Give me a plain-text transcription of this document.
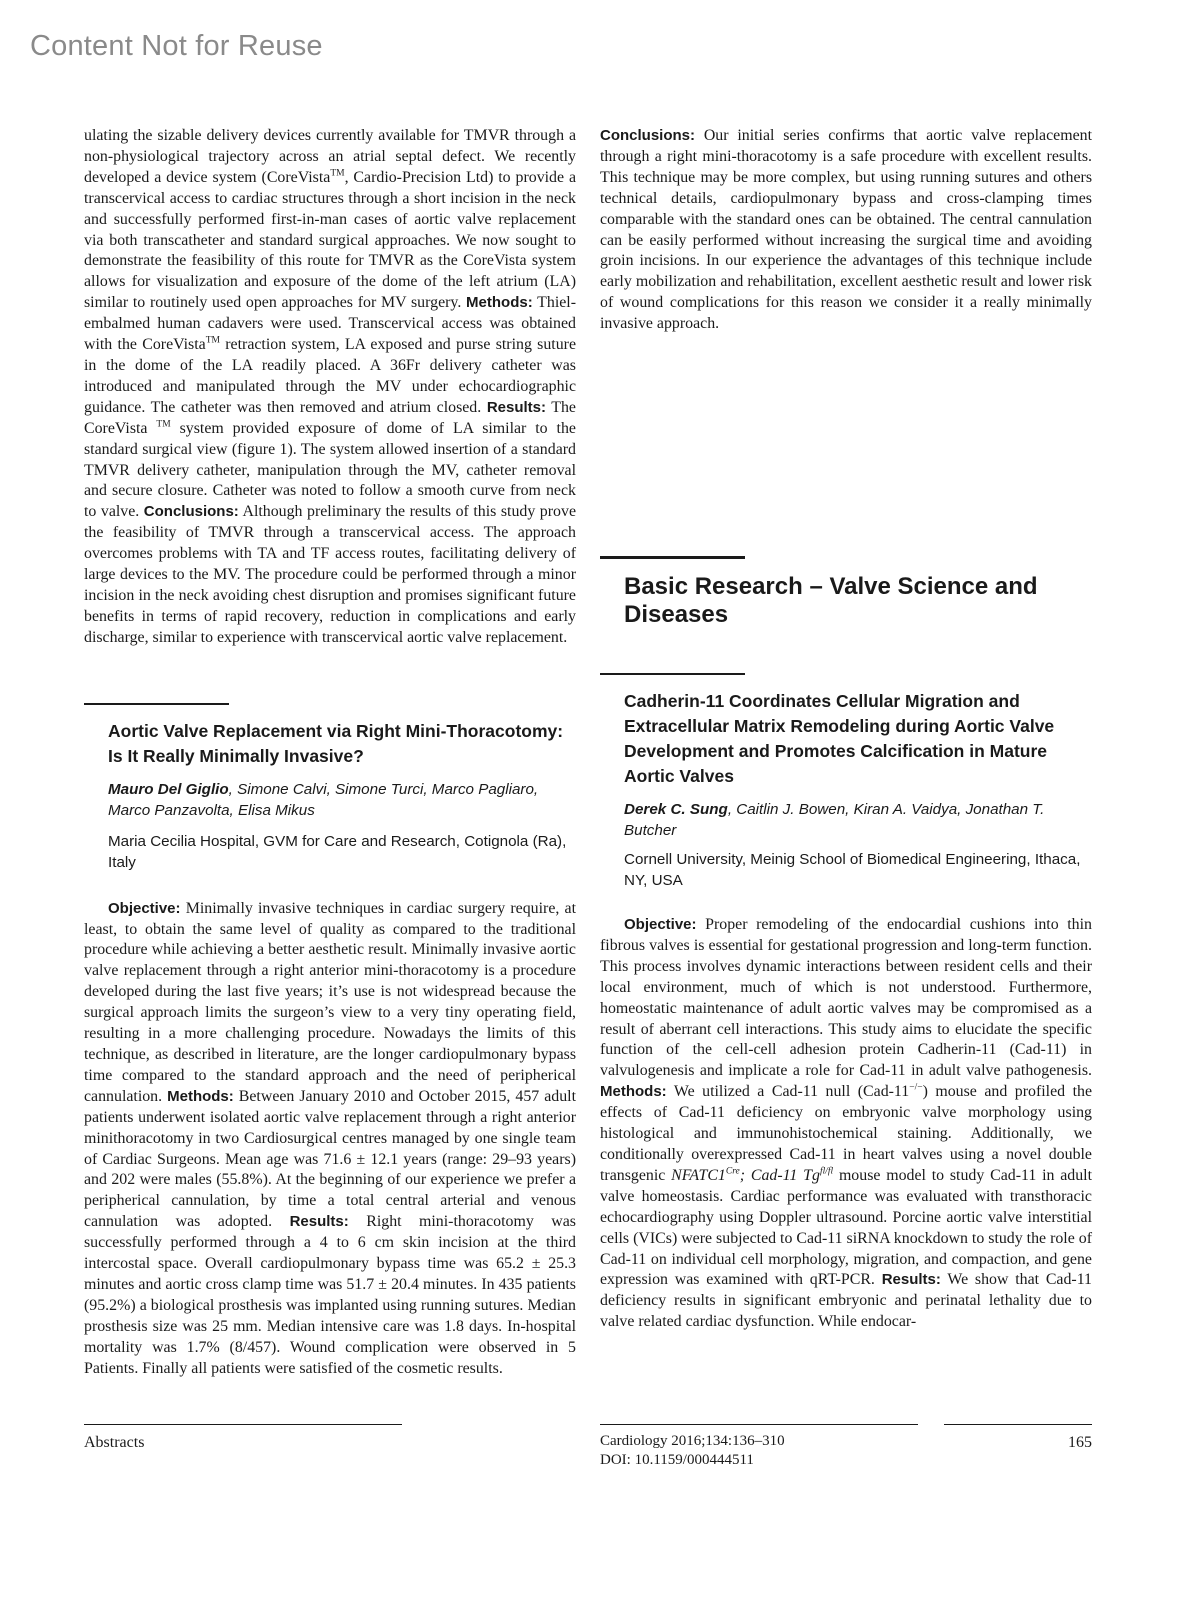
Content Not for Reuse

ulating the sizable delivery devices currently available for TMVR through a non-physiological trajectory across an atrial septal defect. We recently developed a device system (CoreVista™, Cardio-Precision Ltd) to provide a transcervical access to cardiac structures through a short incision in the neck and successfully performed first-in-man cases of aortic valve replacement via both transcatheter and standard surgical approaches. We now sought to demonstrate the feasibility of this route for TMVR as the CoreVista system allows for visualization and exposure of the dome of the left atrium (LA) similar to routinely used open approaches for MV surgery. Methods: Thiel-embalmed human cadavers were used. Transcervical access was obtained with the CoreVista™ retraction system, LA exposed and purse string suture in the dome of the LA readily placed. A 36Fr delivery catheter was introduced and manipulated through the MV under echocardiographic guidance. The catheter was then removed and atrium closed. Results: The CoreVista ™ system provided exposure of dome of LA similar to the standard surgical view (figure 1). The system allowed insertion of a standard TMVR delivery catheter, manipulation through the MV, catheter removal and secure closure. Catheter was noted to follow a smooth curve from neck to valve. Conclusions: Although preliminary the results of this study prove the feasibility of TMVR through a transcervical access. The approach overcomes problems with TA and TF access routes, facilitating delivery of large devices to the MV. The procedure could be performed through a minor incision in the neck avoiding chest disruption and promises significant future benefits in terms of rapid recovery, reduction in complications and early discharge, similar to experience with transcervical aortic valve replacement.

Aortic Valve Replacement via Right Mini-Thoracotomy: Is It Really Minimally Invasive?

Mauro Del Giglio, Simone Calvi, Simone Turci, Marco Pagliaro, Marco Panzavolta, Elisa Mikus

Maria Cecilia Hospital, GVM for Care and Research, Cotignola (Ra), Italy

Objective: Minimally invasive techniques in cardiac surgery require, at least, to obtain the same level of quality as compared to the traditional procedure while achieving a better aesthetic result. Minimally invasive aortic valve replacement through a right anterior mini-thoracotomy is a procedure developed during the last five years; it’s use is not widespread because the surgical approach limits the surgeon’s view to a very tiny operating field, resulting in a more challenging procedure. Nowadays the limits of this technique, as described in literature, are the longer cardiopulmonary bypass time compared to the standard approach and the need of peripherical cannulation. Methods: Between January 2010 and October 2015, 457 adult patients underwent isolated aortic valve replacement through a right anterior minithoracotomy in two Cardiosurgical centres managed by one single team of Cardiac Surgeons. Mean age was 71.6 ± 12.1 years (range: 29–93 years) and 202 were males (55.8%). At the beginning of our experience we prefer a peripherical cannulation, by time a total central arterial and venous cannulation was adopted. Results: Right mini-thoracotomy was successfully performed through a 4 to 6 cm skin incision at the third intercostal space. Overall cardiopulmonary bypass time was 65.2 ± 25.3 minutes and aortic cross clamp time was 51.7 ± 20.4 minutes. In 435 patients (95.2%) a biological prosthesis was implanted using running sutures. Median prosthesis size was 25 mm. Median intensive care was 1.8 days. In-hospital mortality was 1.7% (8/457). Wound complication were observed in 5 Patients. Finally all patients were satisfied of the cosmetic results.

Basic Research – Valve Science and Diseases

Cadherin-11 Coordinates Cellular Migration and Extracellular Matrix Remodeling during Aortic Valve Development and Promotes Calcification in Mature Aortic Valves

Derek C. Sung, Caitlin J. Bowen, Kiran A. Vaidya, Jonathan T. Butcher

Cornell University, Meinig School of Biomedical Engineering, Ithaca, NY, USA

Objective: Proper remodeling of the endocardial cushions into thin fibrous valves is essential for gestational progression and long-term function. This process involves dynamic interactions between resident cells and their local environment, much of which is not understood. Furthermore, homeostatic maintenance of adult aortic valves may be compromised as a result of aberrant cell interactions. This study aims to elucidate the specific function of the cell-cell adhesion protein Cadherin-11 (Cad-11) in valvulogenesis and implicate a role for Cad-11 in adult valve pathogenesis. Methods: We utilized a Cad-11 null (Cad-11−/−) mouse and profiled the effects of Cad-11 deficiency on embryonic valve morphology using histological and immunohistochemical staining. Additionally, we conditionally overexpressed Cad-11 in heart valves using a novel double transgenic $NFATC1^{Cre}$; Cad-11 $Tg^{fl/fl}$ mouse model to study Cad-11 in adult valve homeostasis. Cardiac performance was evaluated with transthoracic echocardiography using Doppler ultrasound. Porcine aortic valve interstitial cells (VICs) were subjected to Cad-11 siRNA knockdown to study the role of Cad-11 on individual cell morphology, migration, and compaction, and gene expression was examined with qRT-PCR. Results: We show that Cad-11 deficiency results in significant embryonic and perinatal lethality due to valve related cardiac dysfunction. While endocar-

Abstracts	Cardiology 2016;134:136–310
DOI: 10.1159/000444511
165

Conclusions: Our initial series confirms that aortic valve replacement through a right mini-thoracotomy is a safe procedure with excellent results. This technique may be more complex, but using running sutures and others technical details, cardiopulmonary bypass and cross-clamping times comparable with the standard ones can be obtained. The central cannulation can be easily performed without increasing the surgical time and avoiding groin incisions. In our experience the advantages of this technique include early mobilization and rehabilitation, excellent aesthetic result and lower risk of wound complications for this reason we consider it a really minimally invasive approach.
